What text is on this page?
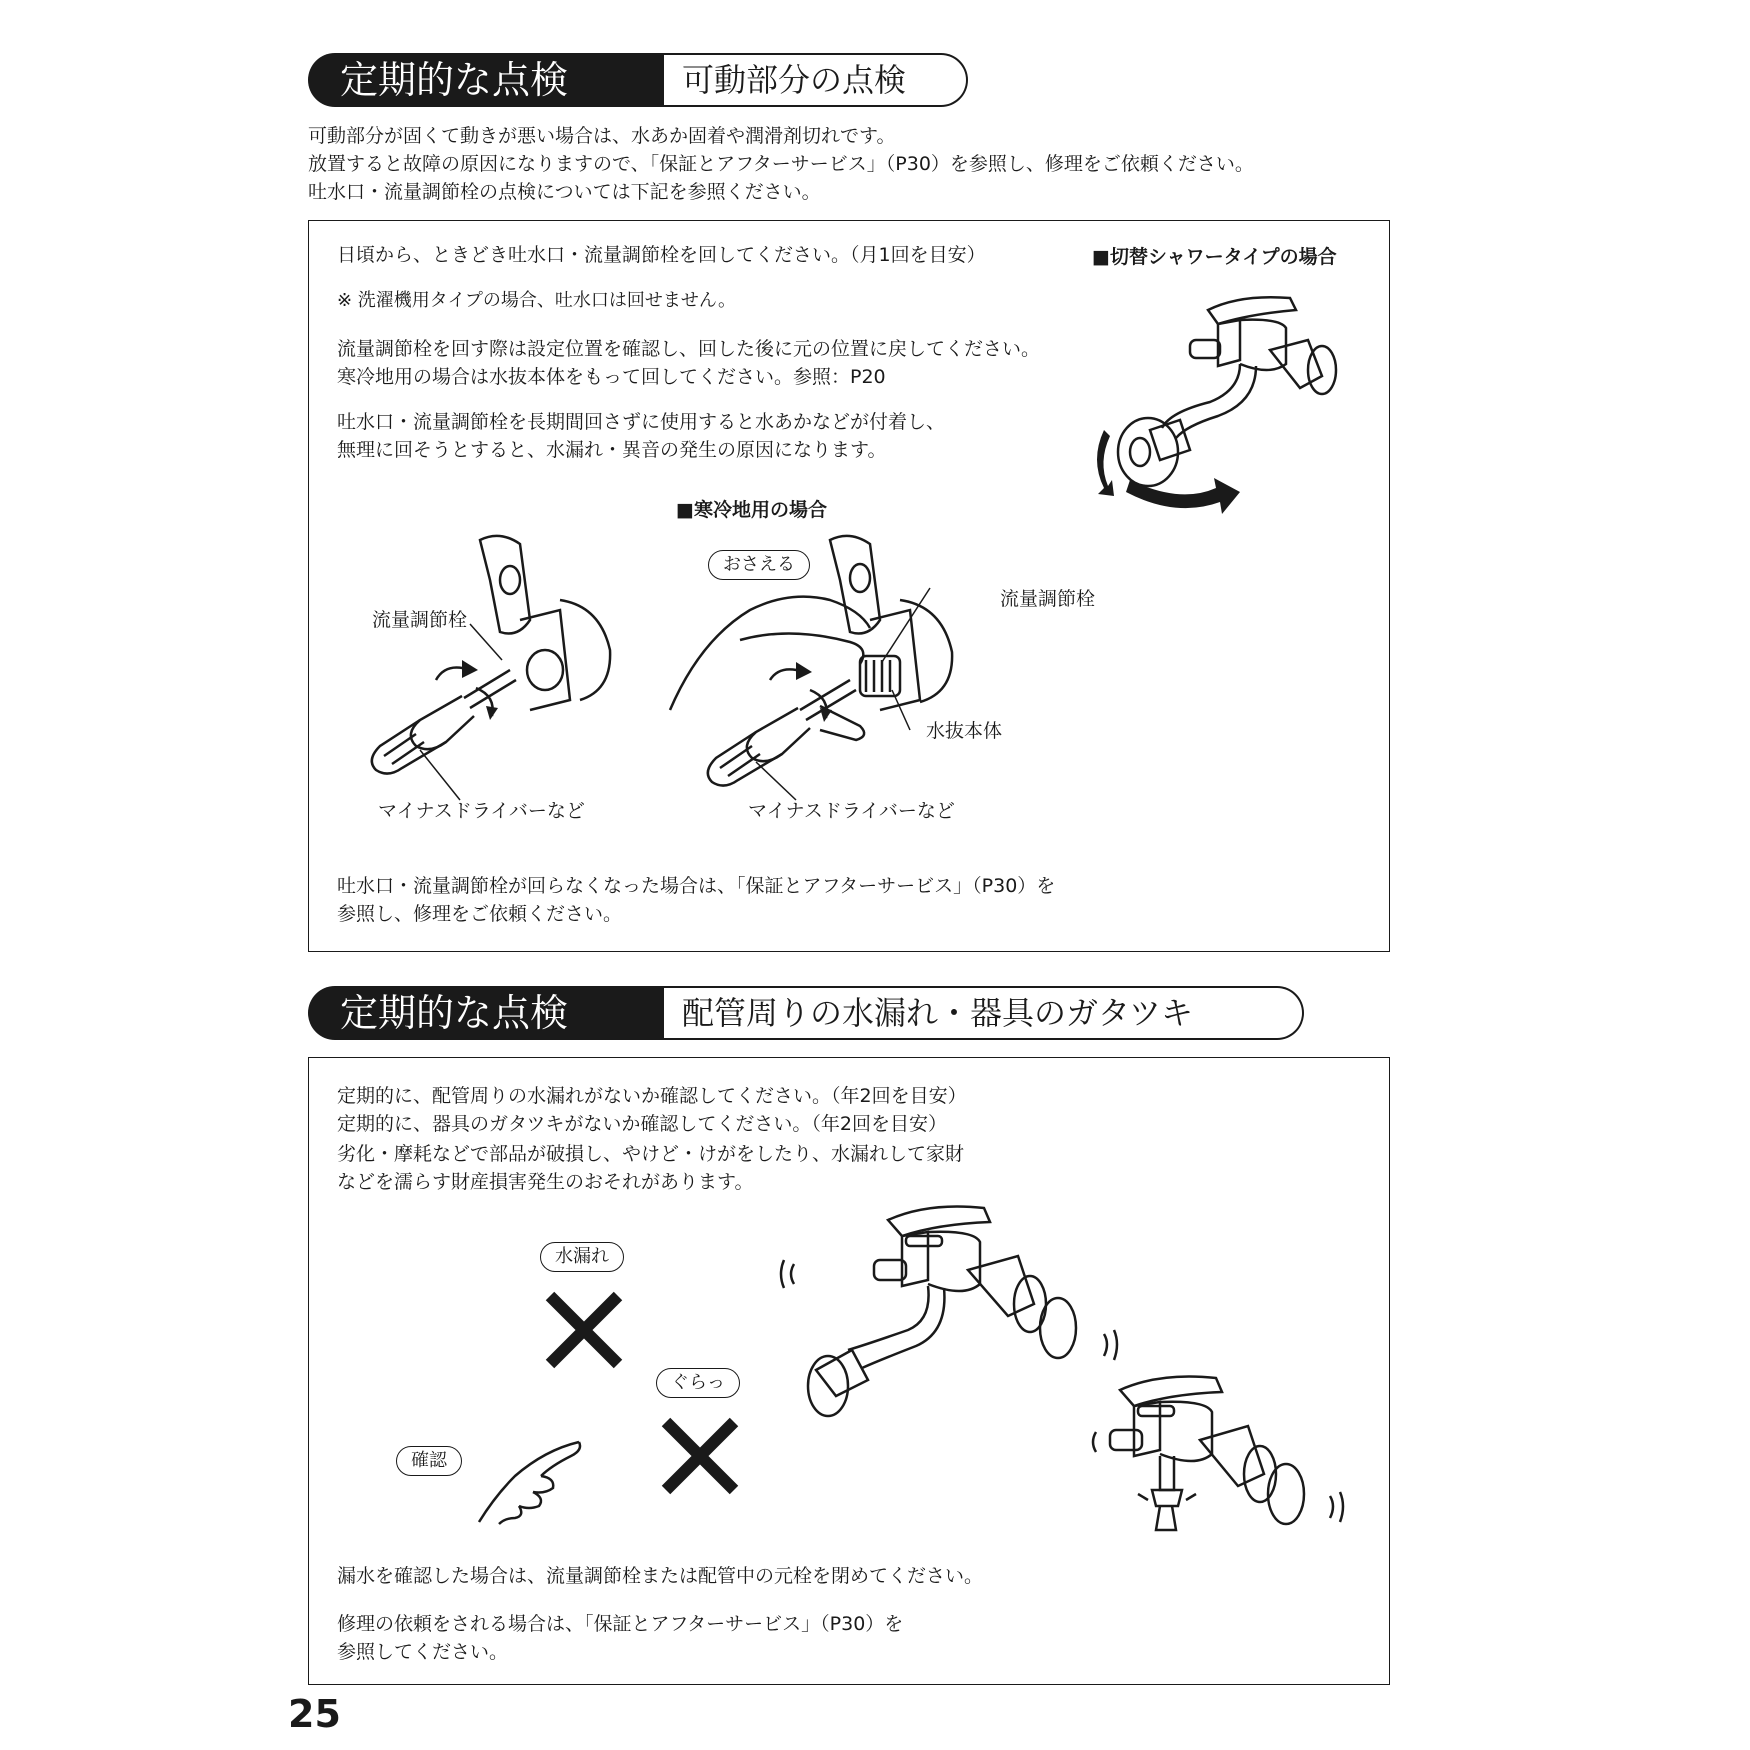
定期的な点検	可動部分の点検
可動部分が固くて動きが悪い場合は、水あか固着や潤滑剤切れです。
放置すると故障の原因になりますので、「保証とアフターサービス」（P30）を参照し、修理をご依頼ください。
吐水口・流量調節栓の点検については下記を参照ください。
日頃から、ときどき吐水口・流量調節栓を回してください。（月1回を目安）
※ 洗濯機用タイプの場合、吐水口は回せません。
流量調節栓を回す際は設定位置を確認し、回した後に元の位置に戻してください。
寒冷地用の場合は水抜本体をもって回してください。参照：P20
吐水口・流量調節栓を長期間回さずに使用すると水あかなどが付着し、
無理に回そうとすると、水漏れ・異音の発生の原因になります。
■切替シャワータイプの場合
■寒冷地用の場合
流量調節栓
マイナスドライバーなど
おさえる
流量調節栓
水抜本体
マイナスドライバーなど
吐水口・流量調節栓が回らなくなった場合は、「保証とアフターサービス」（P30）を
参照し、修理をご依頼ください。
定期的な点検	配管周りの水漏れ・器具のガタツキ
定期的に、配管周りの水漏れがないか確認してください。（年2回を目安）
定期的に、器具のガタツキがないか確認してください。（年2回を目安）
劣化・摩耗などで部品が破損し、やけど・けがをしたり、水漏れして家財
などを濡らす財産損害発生のおそれがあります。
水漏れ
ぐらっ
確認
漏水を確認した場合は、流量調節栓または配管中の元栓を閉めてください。
修理の依頼をされる場合は、「保証とアフターサービス」（P30）を
参照してください。
25
